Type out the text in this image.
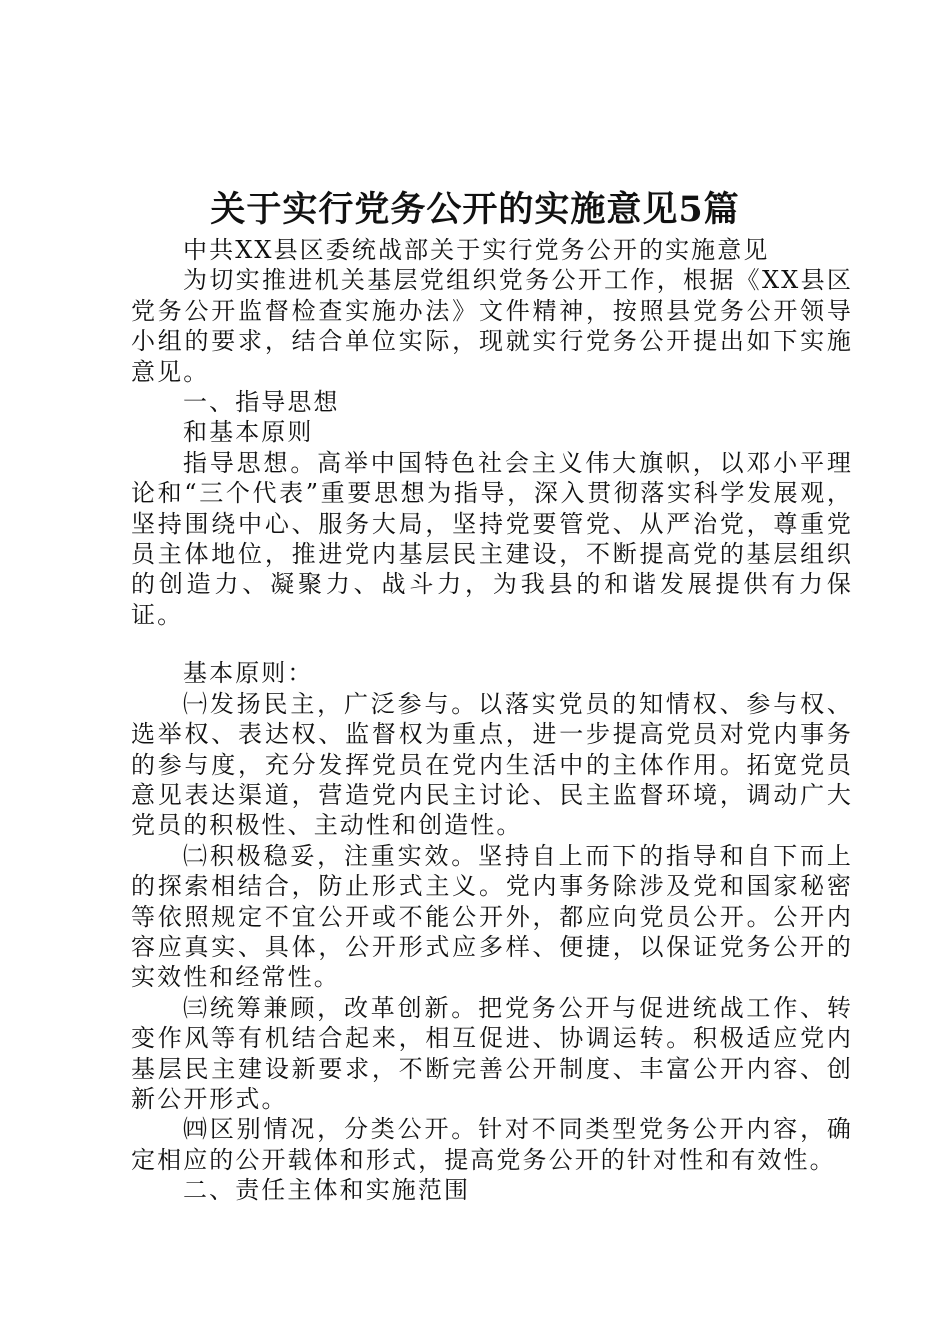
关于实行党务公开的实施意见5篇

中共XX县区委统战部关于实行党务公开的实施意见

为切实推进机关基层党组织党务公开工作，根据《XX县区党务公开监督检查实施办法》文件精神，按照县党务公开领导小组的要求，结合单位实际，现就实行党务公开提出如下实施意见。

一、指导思想

和基本原则

指导思想。高举中国特色社会主义伟大旗帜，以邓小平理论和“三个代表”重要思想为指导，深入贯彻落实科学发展观，坚持围绕中心、服务大局，坚持党要管党、从严治党，尊重党员主体地位，推进党内基层民主建设，不断提高党的基层组织的创造力、凝聚力、战斗力，为我县的和谐发展提供有力保证。

基本原则：

㈠发扬民主，广泛参与。以落实党员的知情权、参与权、选举权、表达权、监督权为重点，进一步提高党员对党内事务的参与度，充分发挥党员在党内生活中的主体作用。拓宽党员意见表达渠道，营造党内民主讨论、民主监督环境，调动广大党员的积极性、主动性和创造性。

㈡积极稳妥，注重实效。坚持自上而下的指导和自下而上的探索相结合，防止形式主义。党内事务除涉及党和国家秘密等依照规定不宜公开或不能公开外，都应向党员公开。公开内容应真实、具体，公开形式应多样、便捷，以保证党务公开的实效性和经常性。

㈢统筹兼顾，改革创新。把党务公开与促进统战工作、转变作风等有机结合起来，相互促进、协调运转。积极适应党内基层民主建设新要求，不断完善公开制度、丰富公开内容、创新公开形式。

㈣区别情况，分类公开。针对不同类型党务公开内容，确定相应的公开载体和形式，提高党务公开的针对性和有效性。

二、责任主体和实施范围
